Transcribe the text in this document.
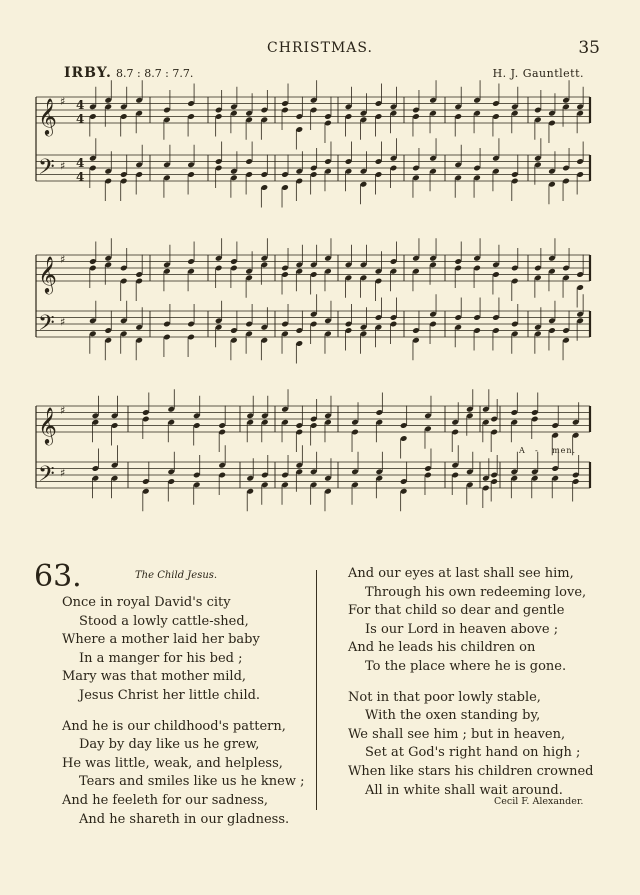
CHRISTMAS.	35
IRBY. 8.7 : 8.7 : 7.7.	H. J. Gauntlett.
𝄞 ♯
𝄢 ♯
𝄞 ♯
𝄢 ♯
𝄞 ♯
𝄢 ♯
4
4
4
4
A - men.
63.	The Child Jesus.
Once in royal David's city
Stood a lowly cattle-shed,
Where a mother laid her baby
In a manger for his bed ;
Mary was that mother mild,
Jesus Christ her little child.
And he is our childhood's pattern,
Day by day like us he grew,
He was little, weak, and helpless,
Tears and smiles like us he knew ;
And he feeleth for our sadness,
And he shareth in our gladness.
And our eyes at last shall see him,
Through his own redeeming love,
For that child so dear and gentle
Is our Lord in heaven above ;
And he leads his children on
To the place where he is gone.
Not in that poor lowly stable,
With the oxen standing by,
We shall see him ; but in heaven,
Set at God's right hand on high ;
When like stars his children crowned
All in white shall wait around.
Cecil F. Alexander.
